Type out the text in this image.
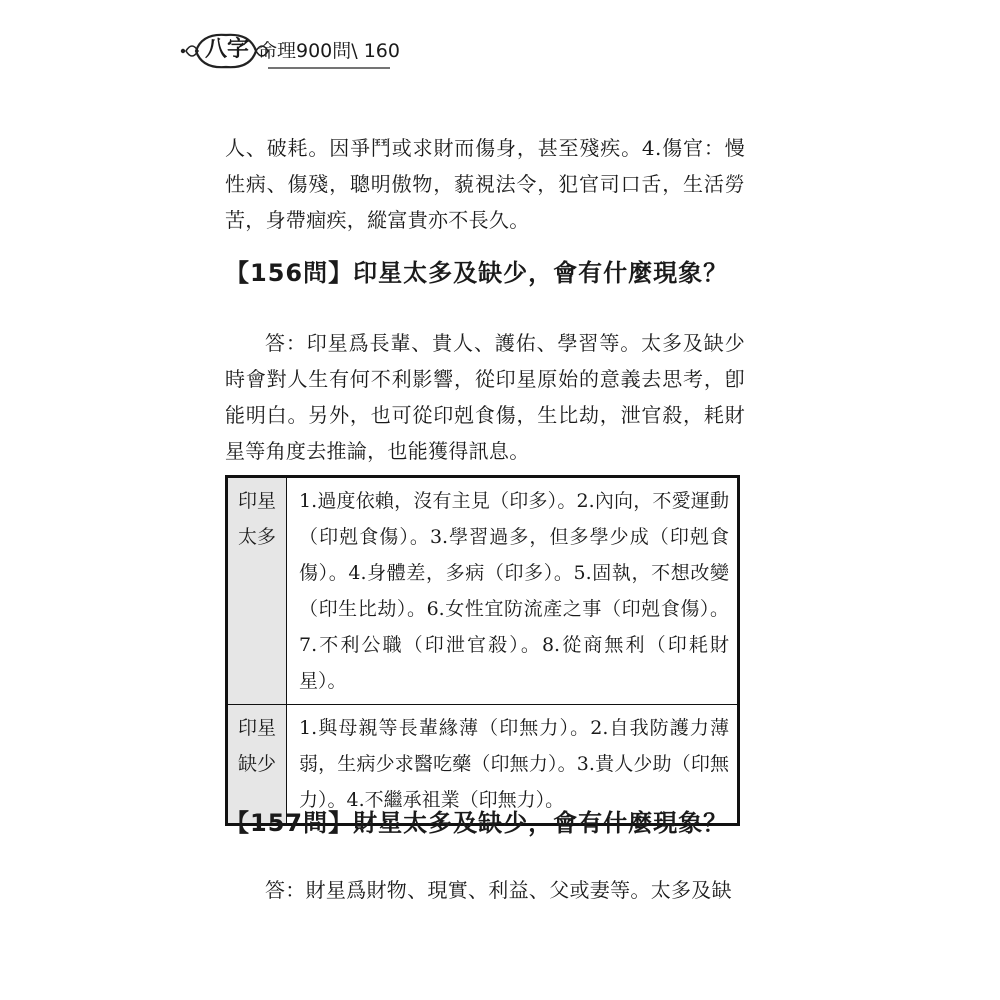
八字 命理900問\ 160

人、破耗。因爭鬥或求財而傷身，甚至殘疾。4.傷官：慢性病、傷殘，聰明傲物，藐視法令，犯官司口舌，生活勞苦，身帶痼疾，縱富貴亦不長久。

【156問】印星太多及缺少，會有什麼現象？

答：印星爲長輩、貴人、護佑、學習等。太多及缺少時會對人生有何不利影響，從印星原始的意義去思考，卽能明白。另外，也可從印剋食傷，生比劫，泄官殺，耗財星等角度去推論，也能獲得訊息。

印星
太多	1.過度依賴，沒有主見（印多）。2.內向，不愛運動（印剋食傷）。3.學習過多，但多學少成（印剋食傷）。4.身體差，多病（印多）。5.固執，不想改變（印生比劫）。6.女性宜防流產之事（印剋食傷）。7.不利公職（印泄官殺）。8.從商無利（印耗財星）。
印星
缺少	1.與母親等長輩緣薄（印無力）。2.自我防護力薄弱，生病少求醫吃藥（印無力）。3.貴人少助（印無力）。4.不繼承祖業（印無力）。
【157問】財星太多及缺少，會有什麼現象？

答：財星爲財物、現實、利益、父或妻等。太多及缺
